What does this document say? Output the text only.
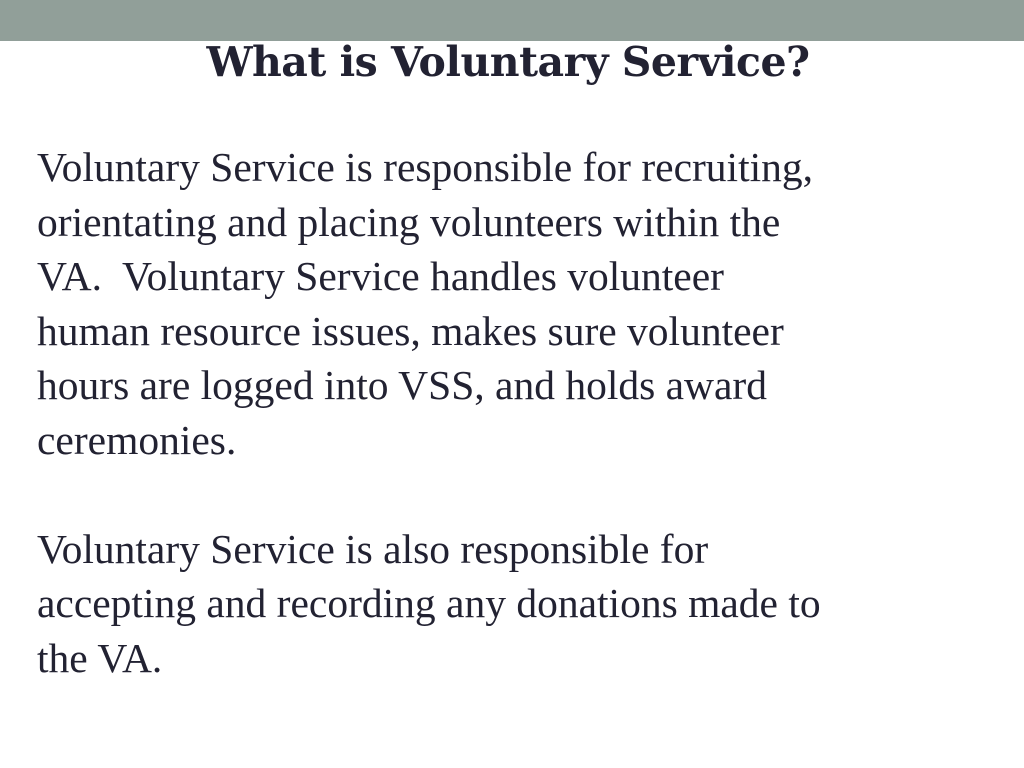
What is Voluntary Service?

Voluntary Service is responsible for recruiting,
orientating and placing volunteers within the
VA.  Voluntary Service handles volunteer
human resource issues, makes sure volunteer
hours are logged into VSS, and holds award
ceremonies.

Voluntary Service is also responsible for
accepting and recording any donations made to
the VA.
